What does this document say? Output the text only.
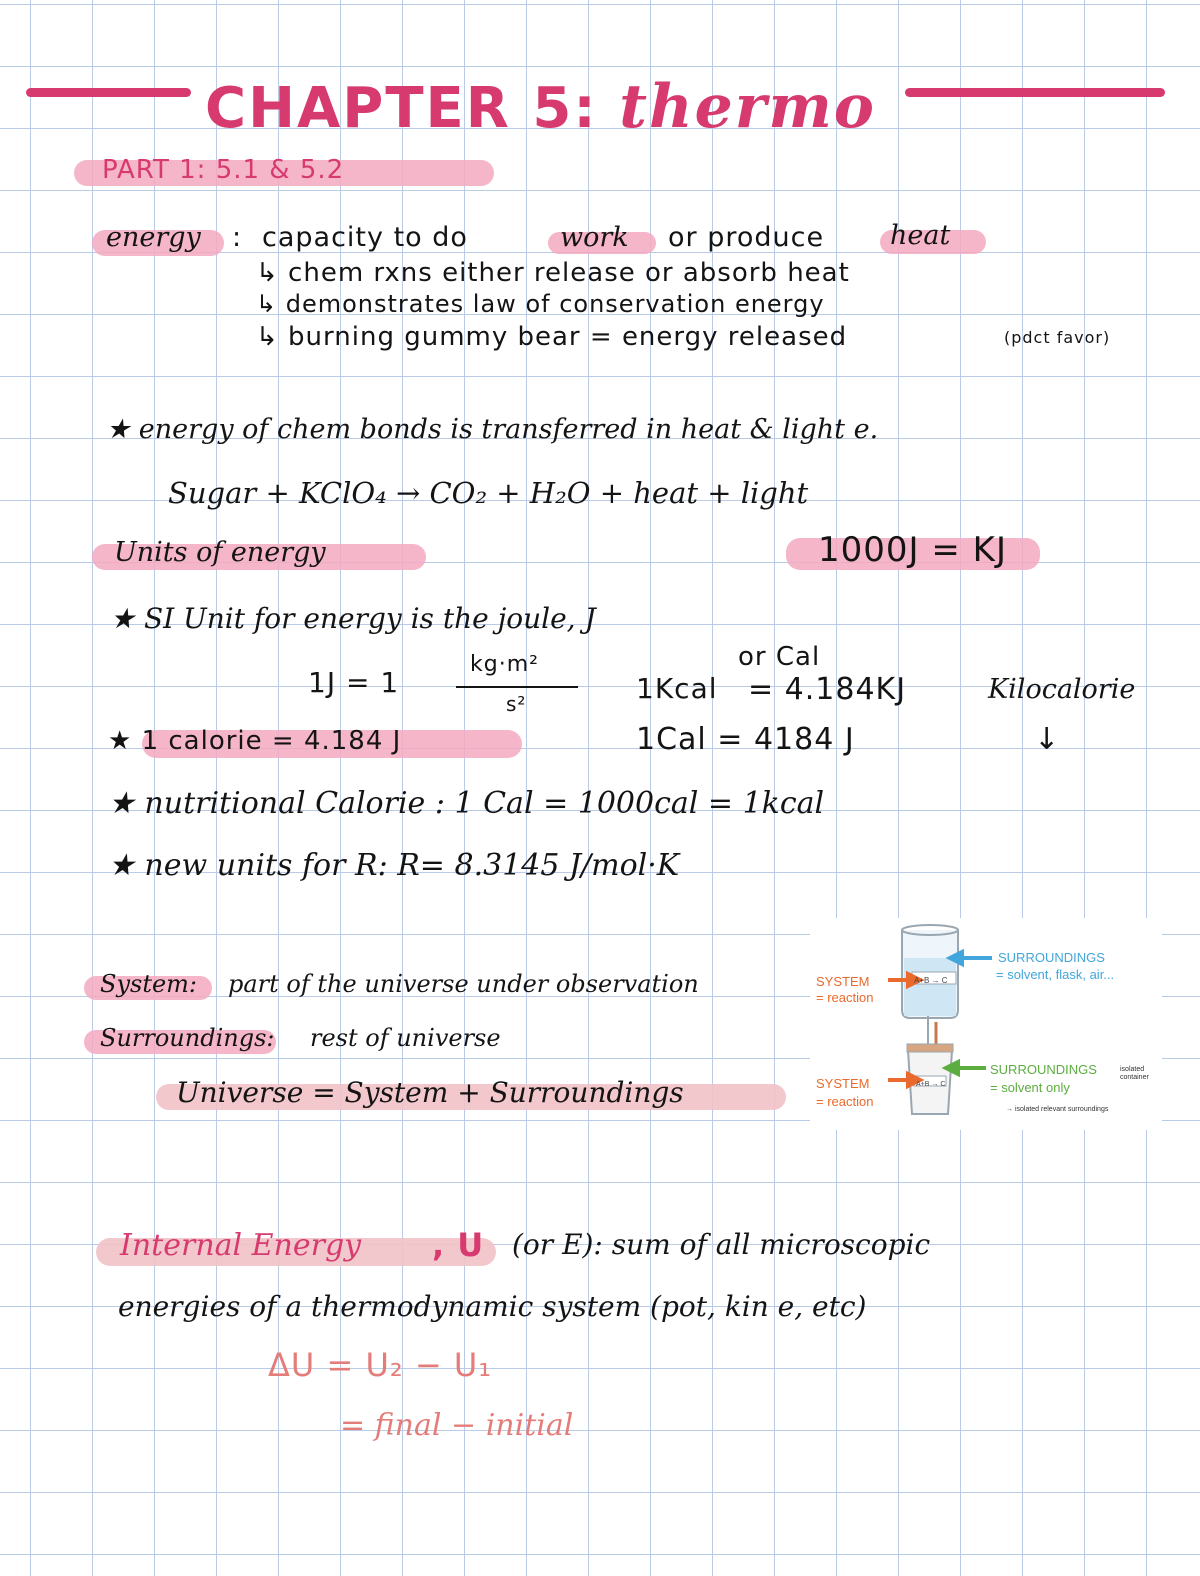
CHAPTER 5: thermo
PART 1: 5.1 & 5.2
energy : capacity to do	work or produce heat
↳ chem rxns either release or absorb heat
↳ demonstrates law of conservation energy
↳ burning gummy bear = energy released	(pdct favor)
★ energy of chem bonds is transferred in heat & light e.
Sugar + KClO₄ → CO₂ + H₂O + heat + light
Units of energy	1000J = KJ
★ SI Unit for energy is the joule, J
1J = 1
kg·m²
s²	1Kcal
or Cal
= 4.184KJ	Kilocalorie
↓
★ 1 calorie = 4.184 J	1Cal = 4184 J
★ nutritional Calorie : 1 Cal = 1000cal = 1kcal
★ new units for R: R= 8.3145 J/mol·K
System: part of the universe under observation
Surroundings: rest of universe
Universe = System + Surroundings
SURROUNDINGS
= solvent, flask, air...
SYSTEM
= reaction
A+B → C
SURROUNDINGS
= solvent only
isolated container
→ isolated relevant surroundings
SYSTEM
= reaction
A+B → C
Internal Energy , U (or E): sum of all microscopic
energies of a thermodynamic system (pot, kin e, etc)
ΔU = U₂ − U₁
= final − initial
